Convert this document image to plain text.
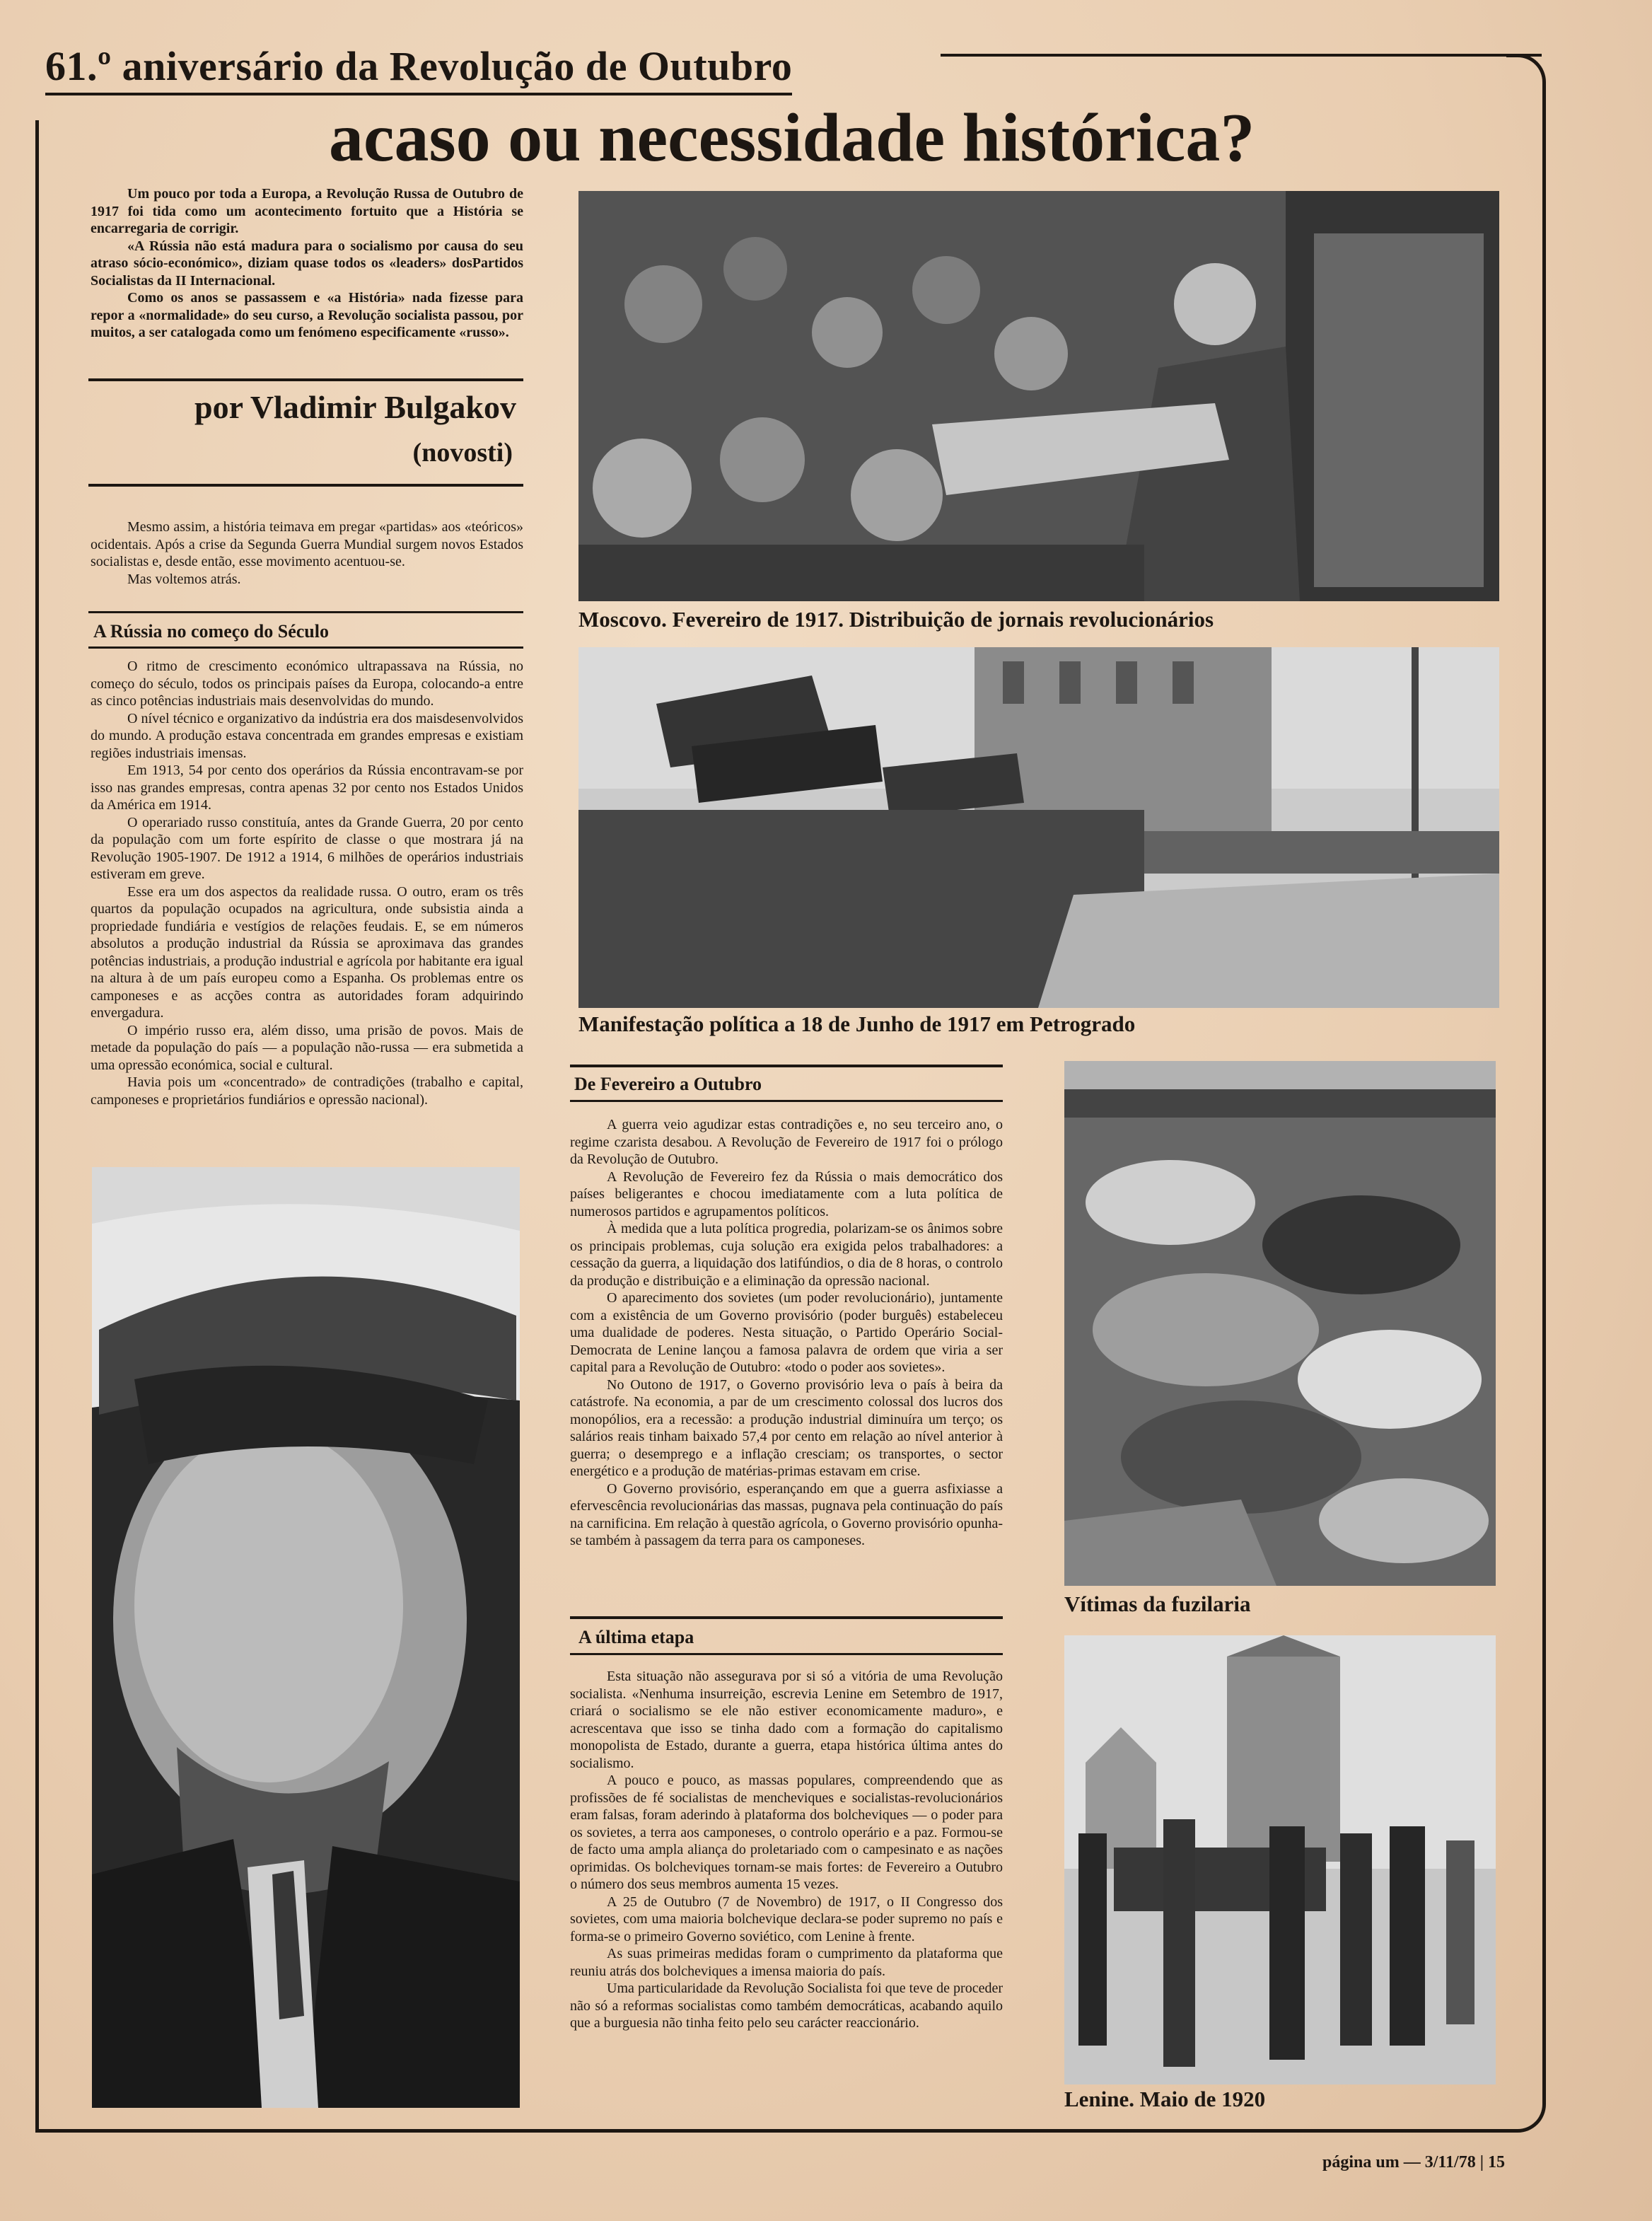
61.º aniversário da Revolução de Outubro
acaso ou necessidade histórica?

Um pouco por toda a Europa, a Revolução Russa de Outubro de 1917 foi tida como um acontecimento fortuito que a História se encarregaria de corrigir.

«A Rússia não está madura para o socialismo por causa do seu atraso sócio-económico», diziam quase todos os «leaders» dosPartidos Socialistas da II Internacional.

Como os anos se passassem e «a História» nada fizesse para repor a «normalidade» do seu curso, a Revolução socialista passou, por muitos, a ser catalogada como um fenómeno especificamente «russo».

por Vladimir Bulgakov
(novosti)

Mesmo assim, a história teimava em pregar «partidas» aos «teóricos» ocidentais. Após a crise da Segunda Guerra Mundial surgem novos Estados socialistas e, desde então, esse movimento acentuou-se.

Mas voltemos atrás.

A Rússia no começo do Século

O ritmo de crescimento económico ultrapassava na Rússia, no começo do século, todos os principais países da Europa, colocando-a entre as cinco potências industriais mais desenvolvidas do mundo.

O nível técnico e organizativo da indústria era dos maisdesenvolvidos do mundo. A produção estava concentrada em grandes empresas e existiam regiões industriais imensas.

Em 1913, 54 por cento dos operários da Rússia encontravam-se por isso nas grandes empresas, contra apenas 32 por cento nos Estados Unidos da América em 1914.

O operariado russo constituía, antes da Grande Guerra, 20 por cento da população com um forte espírito de classe o que mostrara já na Revolução 1905-1907. De 1912 a 1914, 6 milhões de operários industriais estiveram em greve.

Esse era um dos aspectos da realidade russa. O outro, eram os três quartos da população ocupados na agricultura, onde subsistia ainda a propriedade fundiária e vestígios de relações feudais. E, se em números absolutos a produção industrial da Rússia se aproximava das grandes potências industriais, a produção industrial e agrícola por habitante era igual na altura à de um país europeu como a Espanha. Os problemas entre os camponeses e as acções contra as autoridades foram adquirindo envergadura.

O império russo era, além disso, uma prisão de povos. Mais de metade da população do país — a população não-russa — era submetida a uma opressão económica, social e cultural.

Havia pois um «concentrado» de contradições (trabalho e capital, camponeses e proprietários fundiários e opressão nacional).

Moscovo. Fevereiro de 1917. Distribuição de jornais revolucionários
Manifestação política a 18 de Junho de 1917 em Petrogrado
De Fevereiro a Outubro

A guerra veio agudizar estas contradições e, no seu terceiro ano, o regime czarista desabou. A Revolução de Fevereiro de 1917 foi o prólogo da Revolução de Outubro.

A Revolução de Fevereiro fez da Rússia o mais democrático dos países beligerantes e chocou imediatamente com a luta política de numerosos partidos e agrupamentos políticos.

À medida que a luta política progredia, polarizam-se os ânimos sobre os principais problemas, cuja solução era exigida pelos trabalhadores: a cessação da guerra, a liquidação dos latifúndios, o dia de 8 horas, o controlo da produção e distribuição e a eliminação da opressão nacional.

O aparecimento dos sovietes (um poder revolucionário), juntamente com a existência de um Governo provisório (poder burguês) estabeleceu uma dualidade de poderes. Nesta situação, o Partido Operário Social-Democrata de Lenine lançou a famosa palavra de ordem que viria a ser capital para a Revolução de Outubro: «todo o poder aos sovietes».

No Outono de 1917, o Governo provisório leva o país à beira da catástrofe. Na economia, a par de um crescimento colossal dos lucros dos monopólios, era a recessão: a produção industrial diminuíra um terço; os salários reais tinham baixado 57,4 por cento em relação ao nível anterior à guerra; o desemprego e a inflação cresciam; os transportes, o sector energético e a produção de matérias-primas estavam em crise.

O Governo provisório, esperançando em que a guerra asfixiasse a efervescência revolucionárias das massas, pugnava pela continuação do país na carnificina. Em relação à questão agrícola, o Governo provisório opunha-se também à passagem da terra para os camponeses.

A última etapa

Esta situação não assegurava por si só a vitória de uma Revolução socialista. «Nenhuma insurreição, escrevia Lenine em Setembro de 1917, criará o socialismo se ele não estiver economicamente maduro», e acrescentava que isso se tinha dado com a formação do capitalismo monopolista de Estado, durante a guerra, etapa histórica última antes do socialismo.

A pouco e pouco, as massas populares, compreendendo que as profissões de fé socialistas de mencheviques e socialistas-revolucionários eram falsas, foram aderindo à plataforma dos bolcheviques — o poder para os sovietes, a terra aos camponeses, o controlo operário e a paz. Formou-se de facto uma ampla aliança do proletariado com o campesinato e as nações oprimidas. Os bolcheviques tornam-se mais fortes: de Fevereiro a Outubro o número dos seus membros aumenta 15 vezes.

A 25 de Outubro (7 de Novembro) de 1917, o II Congresso dos sovietes, com uma maioria bolchevique declara-se poder supremo no país e forma-se o primeiro Governo soviético, com Lenine à frente.

As suas primeiras medidas foram o cumprimento da plataforma que reuniu atrás dos bolcheviques a imensa maioria do país.

Uma particularidade da Revolução Socialista foi que teve de proceder não só a reformas socialistas como também democráticas, acabando aquilo que a burguesia não tinha feito pelo seu carácter reaccionário.

Vítimas da fuzilaria
Lenine. Maio de 1920
página um — 3/11/78 | 15
